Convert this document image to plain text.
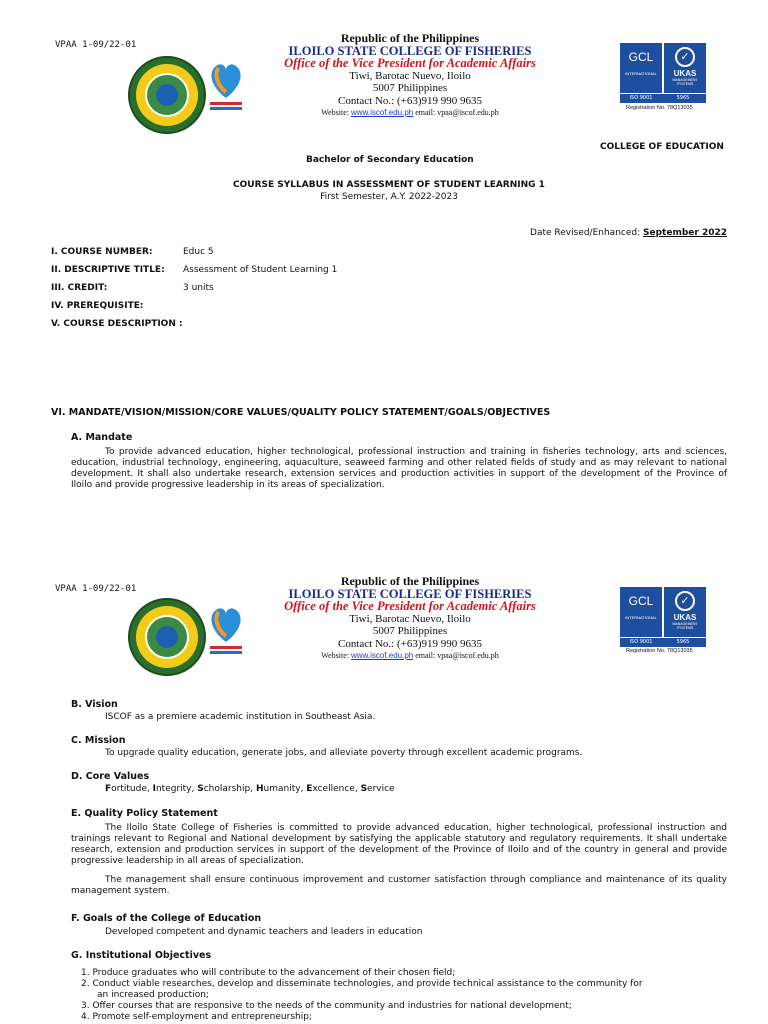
VPAA 1-09/22-01	Republic of the Philippines
ILOILO STATE COLLEGE OF FISHERIES
Office of the Vice President for Academic Affairs
Tiwi, Barotac Nuevo, Iloilo
5007 Philippines
Contact No.: (+63)919 990 9635
Website: www.iscof.edu.ph email: vpaa@iscof.edu.ph
GCL
INTERNATIONAL
✓
UKAS
MANAGEMENT SYSTEMS
ISO 9001	5965
Registration No. 78Q13035
COLLEGE OF EDUCATION
Bachelor of Secondary Education
COURSE SYLLABUS IN ASSESSMENT OF STUDENT LEARNING 1
First Semester, A.Y. 2022-2023
Date Revised/Enhanced: September 2022
I. COURSE NUMBER:	Educ 5
II. DESCRIPTIVE TITLE: Assessment of Student Learning 1
III. CREDIT:	3 units
IV. PREREQUISITE:
V. COURSE DESCRIPTION :
VI. MANDATE/VISION/MISSION/CORE VALUES/QUALITY POLICY STATEMENT/GOALS/OBJECTIVES
A. Mandate
To provide advanced education, higher technological, professional instruction and training in fisheries technology, arts and sciences, education, industrial technology, engineering, aquaculture, seaweed farming and other related fields of study and as may relevant to national development. It shall also undertake research, extension services and production activities in support of the development of the Province of Iloilo and provide progressive leadership in its areas of specialization.
VPAA 1-09/22-01
Republic of the Philippines
ILOILO STATE COLLEGE OF FISHERIES
Office of the Vice President for Academic Affairs
Tiwi, Barotac Nuevo, Iloilo
5007 Philippines
Contact No.: (+63)919 990 9635
Website: www.iscof.edu.ph email: vpaa@iscof.edu.ph
GCL
INTERNATIONAL
✓
UKAS
MANAGEMENT SYSTEMS
ISO 9001	5965
Registration No. 78Q13035
B. Vision
ISCOF as a premiere academic institution in Southeast Asia.
C. Mission
To upgrade quality education, generate jobs, and alleviate poverty through excellent academic programs.
D. Core Values
Fortitude, Integrity, Scholarship, Humanity, Excellence, Service
E. Quality Policy Statement
The Iloilo State College of Fisheries is committed to provide advanced education, higher technological, professional instruction and trainings relevant to Regional and National development by satisfying the applicable statutory and regulatory requirements. It shall undertake research, extension and production services in support of the development of the Province of Iloilo and of the country in general and provide progressive leadership in all areas of specialization.
The management shall ensure continuous improvement and customer satisfaction through compliance and maintenance of its quality management system.
F. Goals of the College of Education
Developed competent and dynamic teachers and leaders in education
G. Institutional Objectives
1. Produce graduates who will contribute to the advancement of their chosen field;
2. Conduct viable researches, develop and disseminate technologies, and provide technical assistance to the community for
an increased production;
3. Offer courses that are responsive to the needs of the community and industries for national development;
4. Promote self-employment and entrepreneurship;
